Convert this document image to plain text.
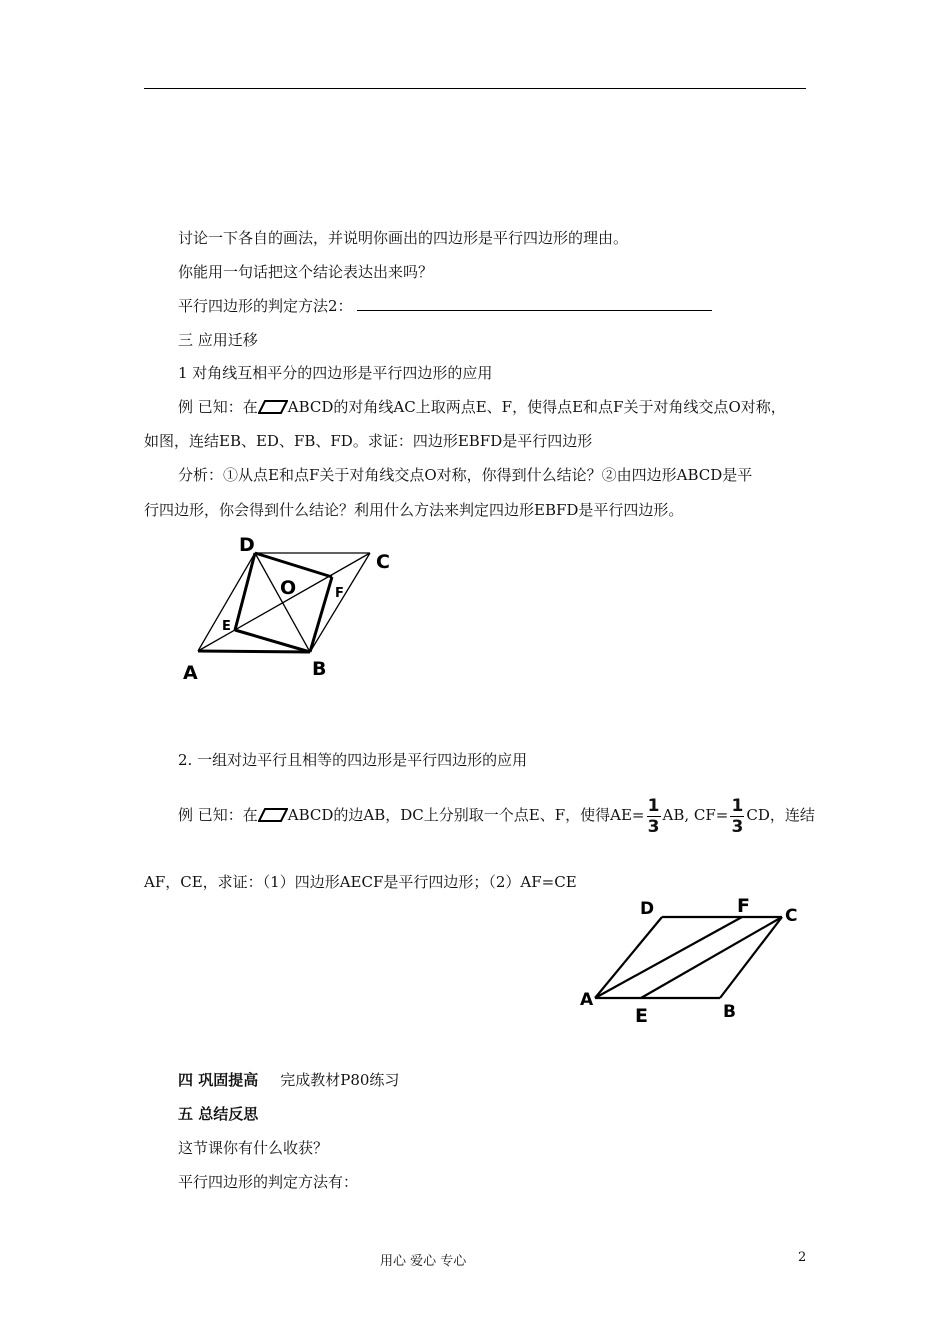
讨论一下各自的画法，并说明你画出的四边形是平行四边形的理由。
你能用一句话把这个结论表达出来吗？
平行四边形的判定方法2：
三 应用迁移
1 对角线互相平分的四边形是平行四边形的应用
例 已知：在 ABCD的对角线AC上取两点E、F，使得点E和点F关于对角线交点O对称，
如图，连结EB、ED、FB、FD。求证：四边形EBFD是平行四边形
分析：①从点E和点F关于对角线交点O对称，你得到什么结论？②由四边形ABCD是平
行四边形，你会得到什么结论？利用什么方法来判定四边形EBFD是平行四边形。
D
C
A	B
O
E
F
2. 一组对边平行且相等的四边形是平行四边形的应用
例 已知：在 ABCD的边AB，DC上分别取一个点E、F，使得$AE= \frac{1}{3}$ AB, $CF= \frac{1}{3}$ CD，连结
AF，CE，求证：（1）四边形AECF是平行四边形；（2）AF=CE
D	F C
A
E	B
四 巩固提高 完成教材P80练习
五 总结反思
这节课你有什么收获？
平行四边形的判定方法有：
用心 爱心 专心	2
